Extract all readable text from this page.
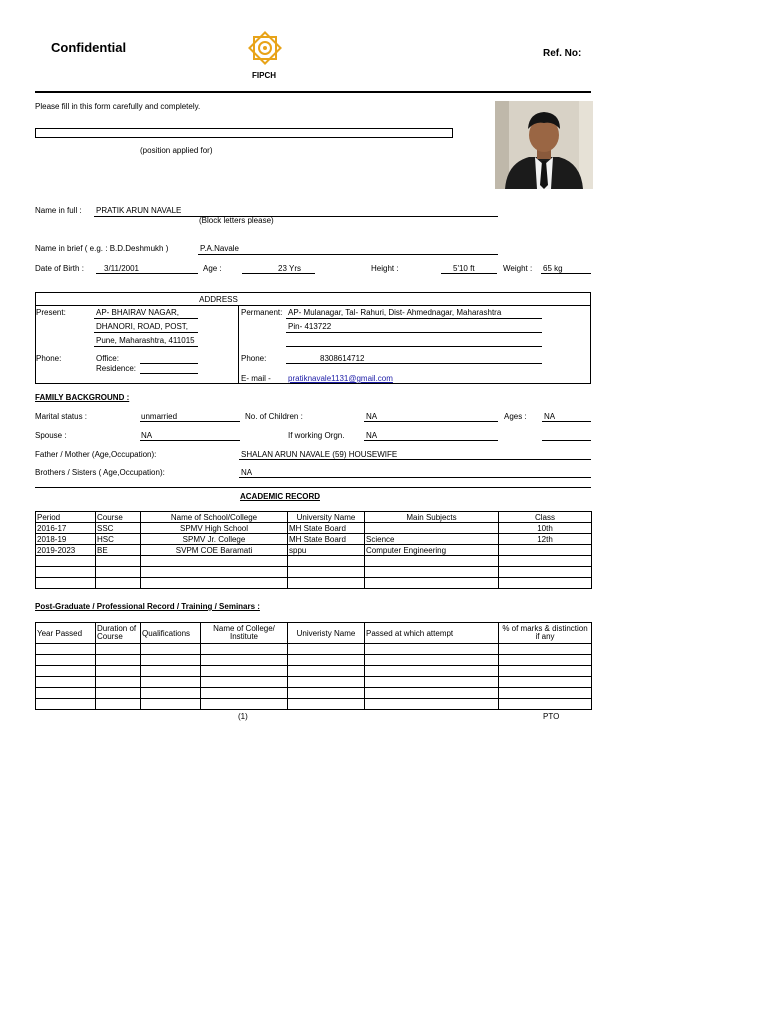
Confidential
FIPCH
Ref. No:
Please fill in this form carefully and completely.
(position applied for)
Name in full : PRATIK ARUN NAVALE
(Block letters please)
Name in brief ( e.g. : B.D.Deshmukh )	P.A.Navale
Date of Birth :	3/11/2001	Age :	23 Yrs	Height :	5'10 ft	Weight : 65 kg
ADDRESS
Present:	AP- BHAIRAV NAGAR,
DHANORI, ROAD, POST,
Pune, Maharashtra, 411015
Permanent: AP- Mulanagar, Tal- Rahuri, Dist- Ahmednagar, Maharashtra
Pin- 413722
Phone:	Office:
Residence:
Phone:	8308614712
E- mail - pratiknavale1131@gmail.com
FAMILY BACKGROUND :
Marital status :	unmarried	No. of Children :	NA	Ages : NA
Spouse :	NA	If working Orgn.	NA
Father / Mother (Age,Occupation):	SHALAN ARUN NAVALE (59) HOUSEWIFE
Brothers / Sisters ( Age,Occupation):	NA
ACADEMIC RECORD
Period	Course	Name of School/College	University Name	Main Subjects	Class
2016-17	SSC	SPMV High School	MH State Board		10th
2018-19	HSC	SPMV Jr. College	MH State Board	Science	12th
2019-2023	BE	SVPM COE Baramati	sppu	Computer Engineering	

Post-Graduate / Professional Record / Training / Seminars :
Year Passed	Duration of Course	Qualifications	Name of College/ Institute	Univeristy Name	Passed at which attempt	% of marks & distinction if any

(1)	PTO
